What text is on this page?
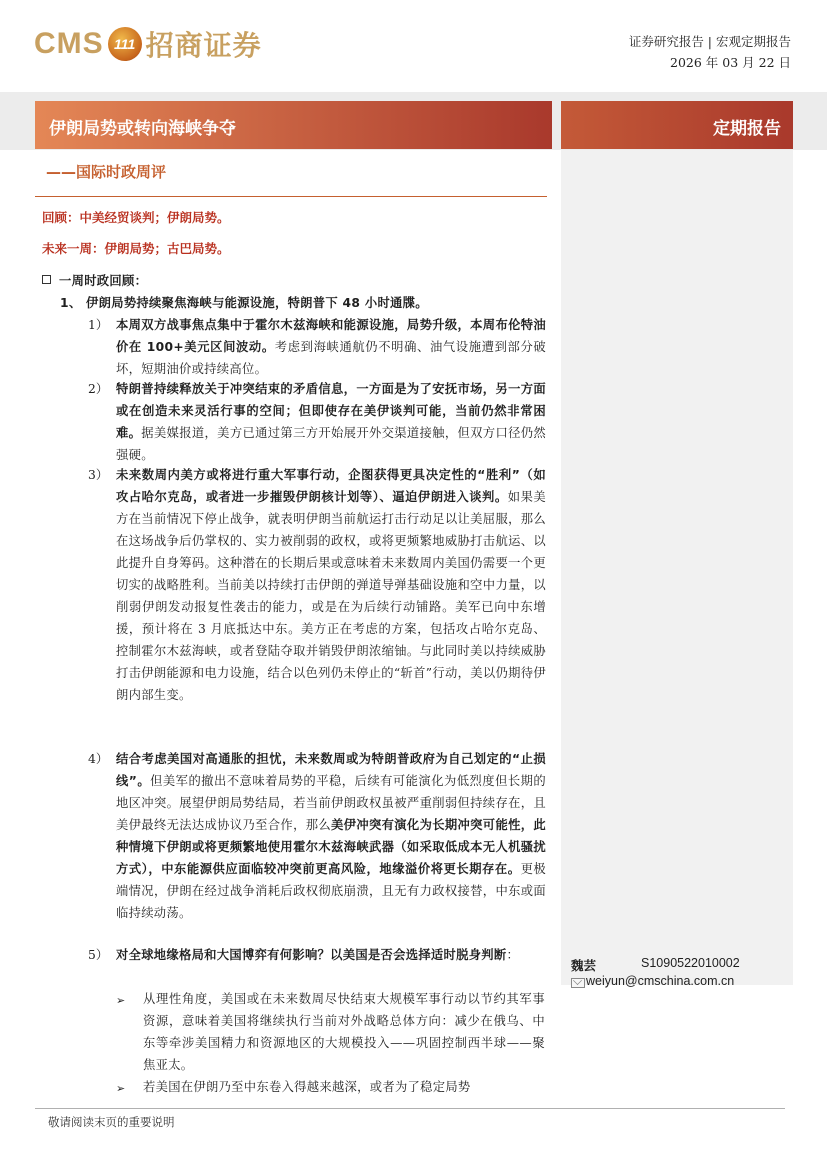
CMS 111 招商证券	证券研究报告 | 宏观定期报告
2026 年 03 月 22 日
伊朗局势或转向海峡争夺	定期报告
——国际时政周评
回顾：中美经贸谈判；伊朗局势。
未来一周：伊朗局势；古巴局势。
一周时政回顾：
1、 伊朗局势持续聚焦海峡与能源设施，特朗普下 48 小时通牒。
1） 本周双方战事焦点集中于霍尔木兹海峡和能源设施，局势升级，本周布伦特油价在 100+美元区间波动。考虑到海峡通航仍不明确、油气设施遭到部分破坏，短期油价或持续高位。
2） 特朗普持续释放关于冲突结束的矛盾信息，一方面是为了安抚市场，另一方面或在创造未来灵活行事的空间；但即使存在美伊谈判可能，当前仍然非常困难。据美媒报道，美方已通过第三方开始展开外交渠道接触，但双方口径仍然强硬。
3） 未来数周内美方或将进行重大军事行动，企图获得更具决定性的“胜利”（如攻占哈尔克岛，或者进一步摧毁伊朗核计划等）、逼迫伊朗进入谈判。如果美方在当前情况下停止战争，就表明伊朗当前航运打击行动足以让美屈服，那么在这场战争后仍掌权的、实力被削弱的政权，或将更频繁地威胁打击航运、以此提升自身筹码。这种潜在的长期后果或意味着未来数周内美国仍需要一个更切实的战略胜利。当前美以持续打击伊朗的弹道导弹基础设施和空中力量，以削弱伊朗发动报复性袭击的能力，或是在为后续行动铺路。美军已向中东增援，预计将在 3 月底抵达中东。美方正在考虑的方案，包括攻占哈尔克岛、控制霍尔木兹海峡，或者登陆夺取并销毁伊朗浓缩铀。与此同时美以持续威胁打击伊朗能源和电力设施，结合以色列仍未停止的“斩首”行动，美以仍期待伊朗内部生变。
4） 结合考虑美国对高通胀的担忧，未来数周或为特朗普政府为自己划定的“止损线”。但美军的撤出不意味着局势的平稳，后续有可能演化为低烈度但长期的地区冲突。展望伊朗局势结局，若当前伊朗政权虽被严重削弱但持续存在，且美伊最终无法达成协议乃至合作，那么美伊冲突有演化为长期冲突可能性，此种情境下伊朗或将更频繁地使用霍尔木兹海峡武器（如采取低成本无人机骚扰方式），中东能源供应面临较冲突前更高风险，地缘溢价将更长期存在。更极端情况，伊朗在经过战争消耗后政权彻底崩溃，且无有力政权接替，中东或面临持续动荡。
5） 对全球地缘格局和大国博弈有何影响？以美国是否会选择适时脱身判断：
➢ 从理性角度，美国或在未来数周尽快结束大规模军事行动以节约其军事资源，意味着美国将继续执行当前对外战略总体方向：减少在俄乌、中东等牵涉美国精力和资源地区的大规模投入——巩固控制西半球——聚焦亚太。
➢ 若美国在伊朗乃至中东卷入得越来越深，或者为了稳定局势
魏芸	S1090522010002
weiyun@cmschina.com.cn
敬请阅读末页的重要说明
